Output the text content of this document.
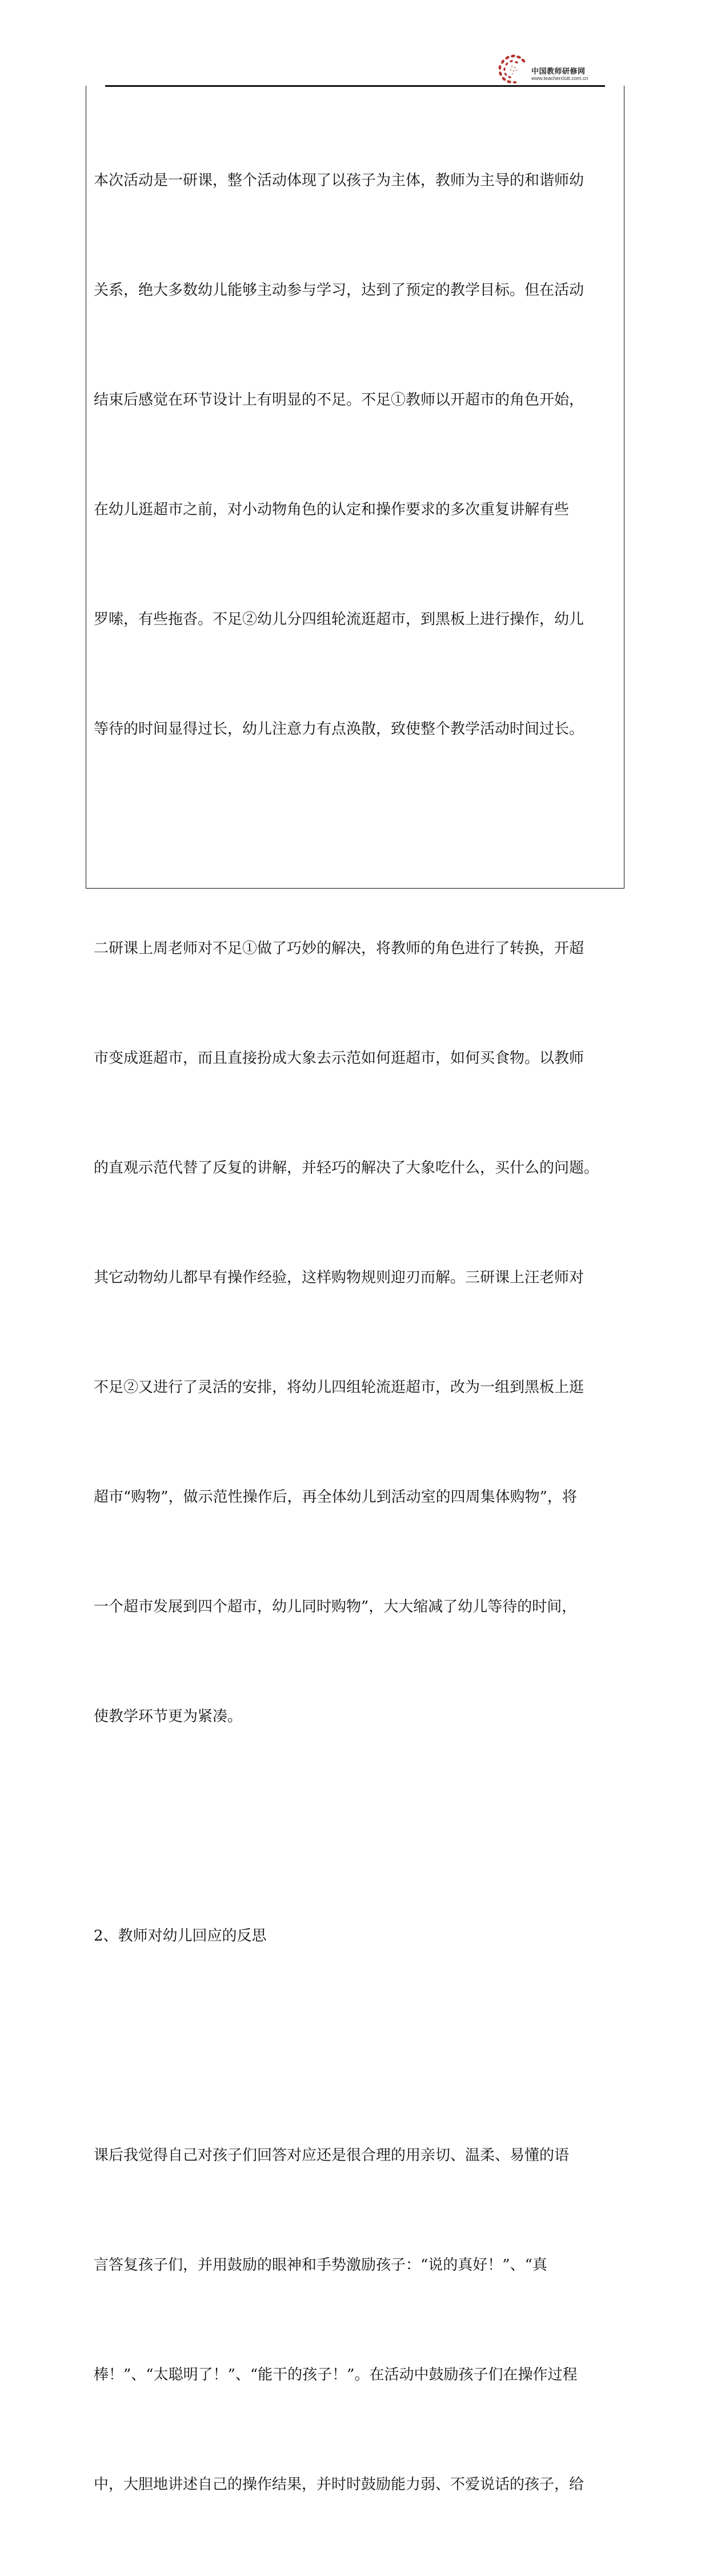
中国教师研修网
www.teacherclub.com.cn

本次活动是一研课，整个活动体现了以孩子为主体，教师为主导的和谐师幼

关系，绝大多数幼儿能够主动参与学习，达到了预定的教学目标。但在活动

结束后感觉在环节设计上有明显的不足。不足①教师以开超市的角色开始，

在幼儿逛超市之前，对小动物角色的认定和操作要求的多次重复讲解有些

罗嗦，有些拖沓。不足②幼儿分四组轮流逛超市，到黑板上进行操作，幼儿

等待的时间显得过长，幼儿注意力有点涣散，致使整个教学活动时间过长。

二研课上周老师对不足①做了巧妙的解决，将教师的角色进行了转换，开超

市变成逛超市，而且直接扮成大象去示范如何逛超市，如何买食物。以教师

的直观示范代替了反复的讲解，并轻巧的解决了大象吃什么，买什么的问题。

其它动物幼儿都早有操作经验，这样购物规则迎刃而解。三研课上汪老师对

不足②又进行了灵活的安排，将幼儿四组轮流逛超市，改为一组到黑板上逛

超市“购物”，做示范性操作后，再全体幼儿到活动室的四周集体购物”，将

一个超市发展到四个超市，幼儿同时购物”，大大缩减了幼儿等待的时间，

使教学环节更为紧凑。

2、教师对幼儿回应的反思

课后我觉得自己对孩子们回答对应还是很合理的用亲切、温柔、易懂的语

言答复孩子们，并用鼓励的眼神和手势激励孩子：“说的真好！”、“真

棒！”、“太聪明了！”、“能干的孩子！”。在活动中鼓励孩子们在操作过程

中，大胆地讲述自己的操作结果，并时时鼓励能力弱、不爱说话的孩子，给
